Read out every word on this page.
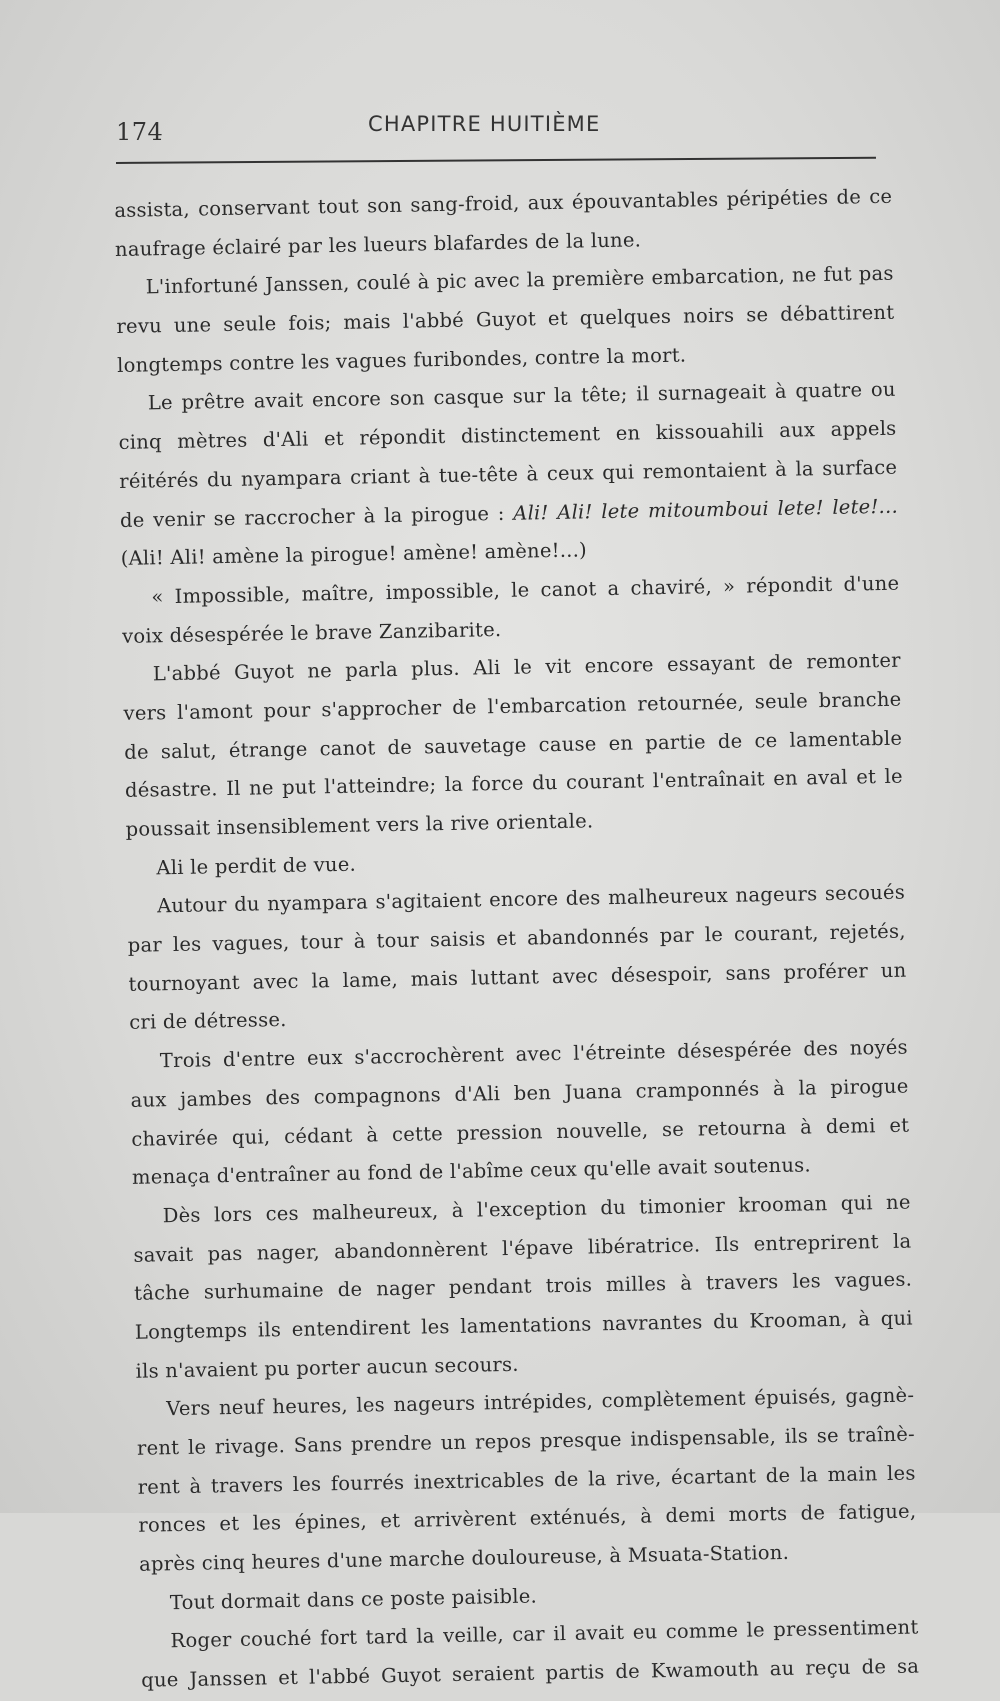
174	CHAPITRE HUITIÈME
assista, conservant tout son sang-froid, aux épouvantables péripéties de ce
naufrage éclairé par les lueurs blafardes de la lune.
L'infortuné Janssen, coulé à pic avec la première embarcation, ne fut pas
revu une seule fois; mais l'abbé Guyot et quelques noirs se débattirent
longtemps contre les vagues furibondes, contre la mort.
Le prêtre avait encore son casque sur la tête; il surnageait à quatre ou
cinq mètres d'Ali et répondit distinctement en kissouahili aux appels
réitérés du nyampara criant à tue-tête à ceux qui remontaient à la surface
de venir se raccrocher à la pirogue : Ali! Ali! lete mitoumboui lete! lete!...
(Ali! Ali! amène la pirogue! amène! amène!...)
« Impossible, maître, impossible, le canot a chaviré, » répondit d'une
voix désespérée le brave Zanzibarite.
L'abbé Guyot ne parla plus. Ali le vit encore essayant de remonter
vers l'amont pour s'approcher de l'embarcation retournée, seule branche
de salut, étrange canot de sauvetage cause en partie de ce lamentable
désastre. Il ne put l'atteindre; la force du courant l'entraînait en aval et le
poussait insensiblement vers la rive orientale.
Ali le perdit de vue.
Autour du nyampara s'agitaient encore des malheureux nageurs secoués
par les vagues, tour à tour saisis et abandonnés par le courant, rejetés,
tournoyant avec la lame, mais luttant avec désespoir, sans proférer un
cri de détresse.
Trois d'entre eux s'accrochèrent avec l'étreinte désespérée des noyés
aux jambes des compagnons d'Ali ben Juana cramponnés à la pirogue
chavirée qui, cédant à cette pression nouvelle, se retourna à demi et
menaça d'entraîner au fond de l'abîme ceux qu'elle avait soutenus.
Dès lors ces malheureux, à l'exception du timonier krooman qui ne
savait pas nager, abandonnèrent l'épave libératrice. Ils entreprirent la
tâche surhumaine de nager pendant trois milles à travers les vagues.
Longtemps ils entendirent les lamentations navrantes du Krooman, à qui
ils n'avaient pu porter aucun secours.
Vers neuf heures, les nageurs intrépides, complètement épuisés, gagnè-
rent le rivage. Sans prendre un repos presque indispensable, ils se traînè-
rent à travers les fourrés inextricables de la rive, écartant de la main les
ronces et les épines, et arrivèrent exténués, à demi morts de fatigue,
après cinq heures d'une marche douloureuse, à Msuata-Station.
Tout dormait dans ce poste paisible.
Roger couché fort tard la veille, car il avait eu comme le pressentiment
que Janssen et l'abbé Guyot seraient partis de Kwamouth au reçu de sa
